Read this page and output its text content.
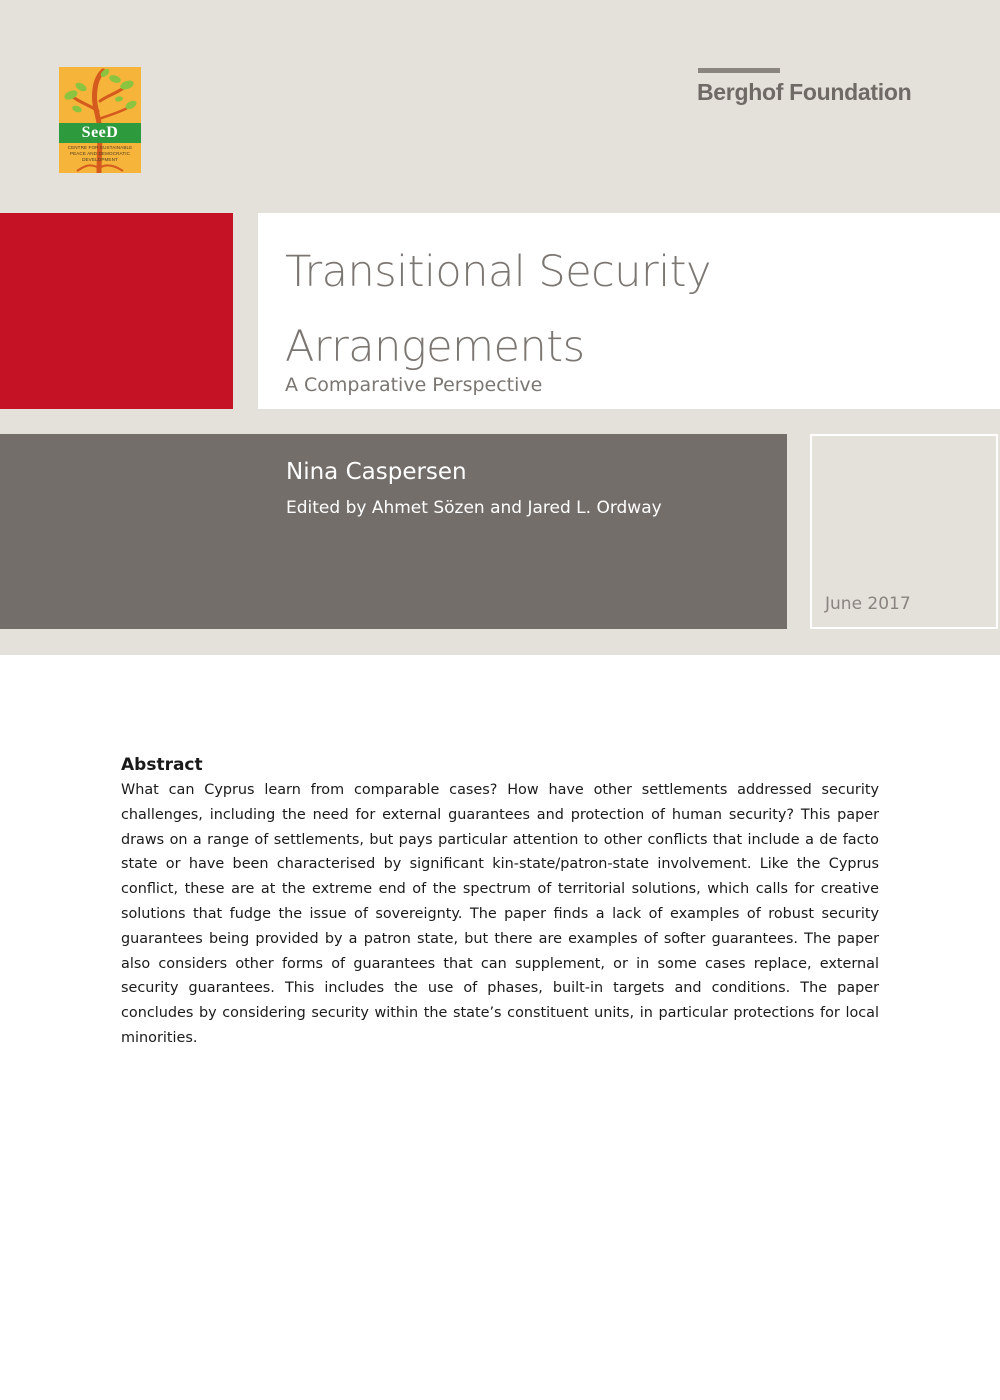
SeeD
CENTRE FOR SUSTAINABLE PEACE AND DEMOCRATIC DEVELOPMENT
Berghof Foundation
Transitional Security Arrangements
A Comparative Perspective
Nina Caspersen
Edited by Ahmet Sözen and Jared L. Ordway
June 2017
Abstract

What can Cyprus learn from comparable cases? How have other settlements addressed security challenges, including the need for external guarantees and protection of human security? This paper draws on a range of settlements, but pays particular attention to other conflicts that include a de facto state or have been characterised by significant kin-state/patron-state involvement. Like the Cyprus conflict, these are at the extreme end of the spectrum of territorial solutions, which calls for creative solutions that fudge the issue of sovereignty. The paper finds a lack of examples of robust security guarantees being provided by a patron state, but there are examples of softer guarantees. The paper also considers other forms of guarantees that can supplement, or in some cases replace, external security guarantees. This includes the use of phases, built-in targets and conditions. The paper concludes by considering security within the state’s constituent units, in particular protections for local minorities.
